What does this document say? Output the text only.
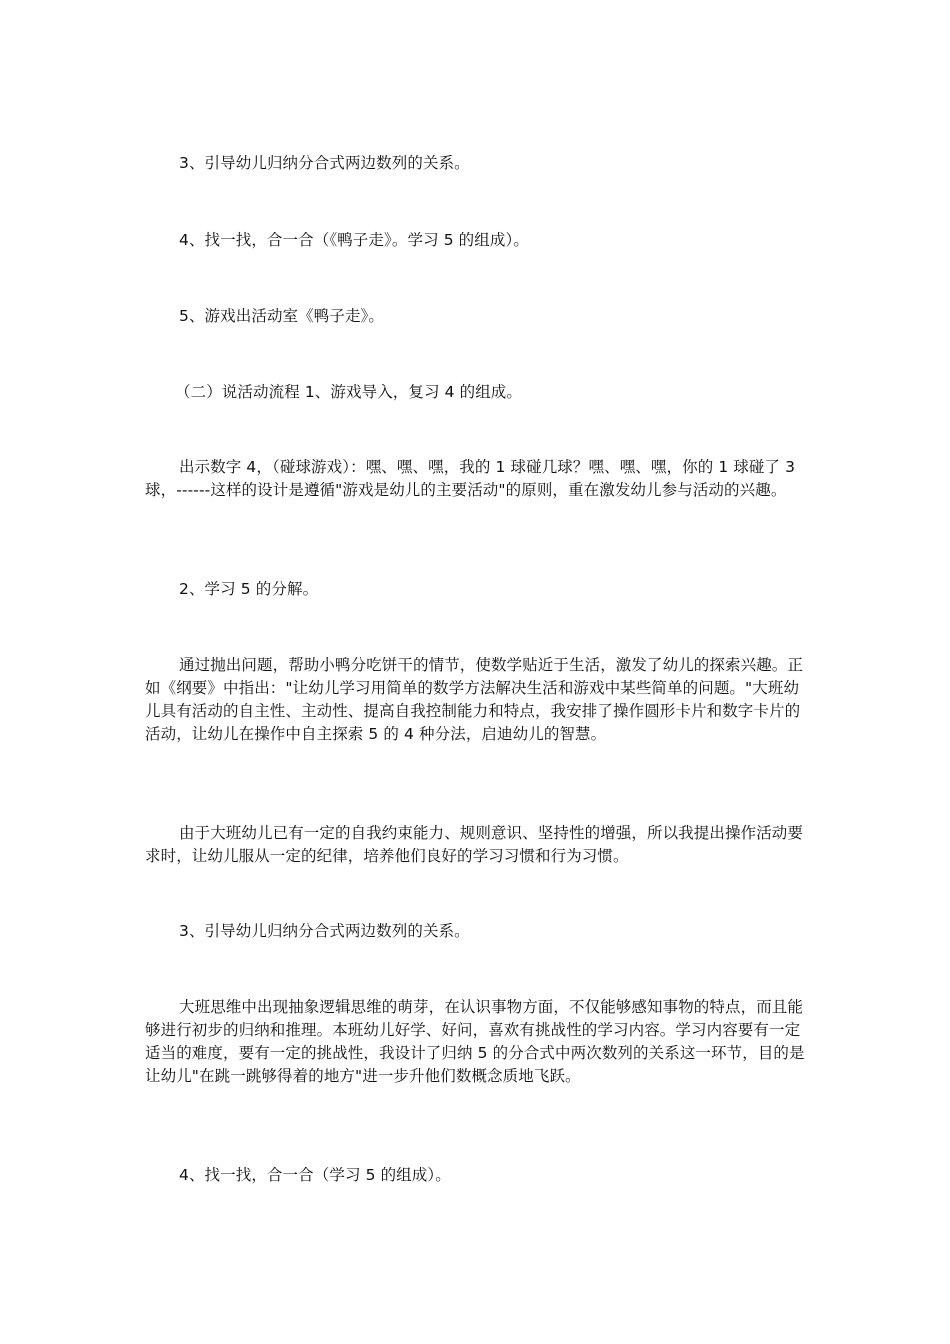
3、引导幼儿归纳分合式两边数列的关系。

4、找一找，合一合（《鸭子走》。学习 5 的组成）。

5、游戏出活动室《鸭子走》。

（二）说活动流程 1、游戏导入，复习 4 的组成。

出示数字 4，（碰球游戏）：嘿、嘿、嘿，我的 1 球碰几球？嘿、嘿、嘿，你的 1 球碰了 3 球，------这样的设计是遵循"游戏是幼儿的主要活动"的原则，重在激发幼儿参与活动的兴趣。

2、学习 5 的分解。

通过抛出问题，帮助小鸭分吃饼干的情节，使数学贴近于生活，激发了幼儿的探索兴趣。正如《纲要》中指出："让幼儿学习用简单的数学方法解决生活和游戏中某些简单的问题。"大班幼儿具有活动的自主性、主动性、提高自我控制能力和特点，我安排了操作圆形卡片和数字卡片的活动，让幼儿在操作中自主探索 5 的 4 种分法，启迪幼儿的智慧。

由于大班幼儿已有一定的自我约束能力、规则意识、坚持性的增强，所以我提出操作活动要求时，让幼儿服从一定的纪律，培养他们良好的学习习惯和行为习惯。

3、引导幼儿归纳分合式两边数列的关系。

大班思维中出现抽象逻辑思维的萌芽，在认识事物方面，不仅能够感知事物的特点，而且能够进行初步的归纳和推理。本班幼儿好学、好问，喜欢有挑战性的学习内容。学习内容要有一定适当的难度，要有一定的挑战性，我设计了归纳 5 的分合式中两次数列的关系这一环节，目的是让幼儿"在跳一跳够得着的地方"进一步升他们数概念质地飞跃。

4、找一找，合一合（学习 5 的组成）。
